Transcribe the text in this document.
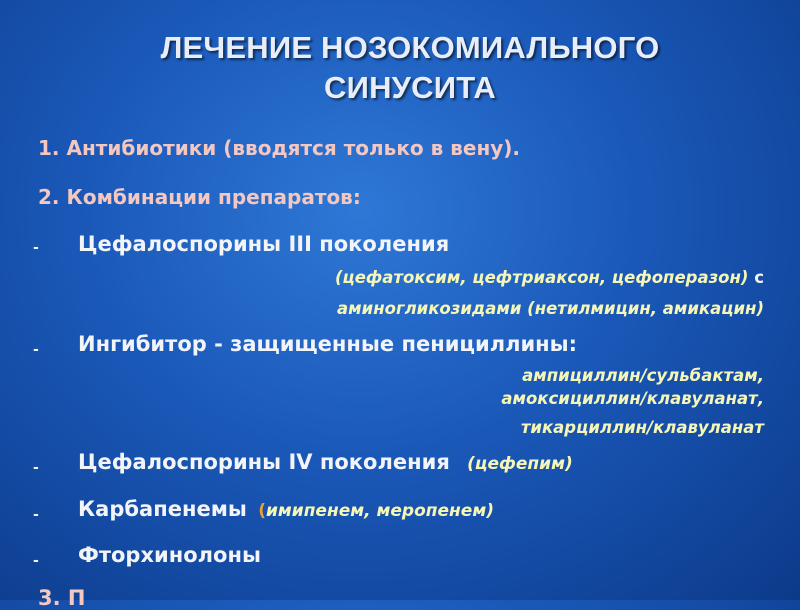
ЛЕЧЕНИЕ НОЗОКОМИАЛЬНОГО
СИНУСИТА
1. Антибиотики (вводятся только в вену).
2. Комбинации препаратов:
- Цефалоспорины III поколения
(цефатоксим, цефтриаксон, цефоперазон) с
аминогликозидами (нетилмицин, амикацин)
- Ингибитор - защищенные пенициллины:
ампициллин/сульбактам,
амоксициллин/клавуланат,
тикарциллин/клавуланат
- Цефалоспорины IV поколения (цефепим)
- Карбапенемы (имипенем, меропенем)
- Фторхинолоны
3. П
